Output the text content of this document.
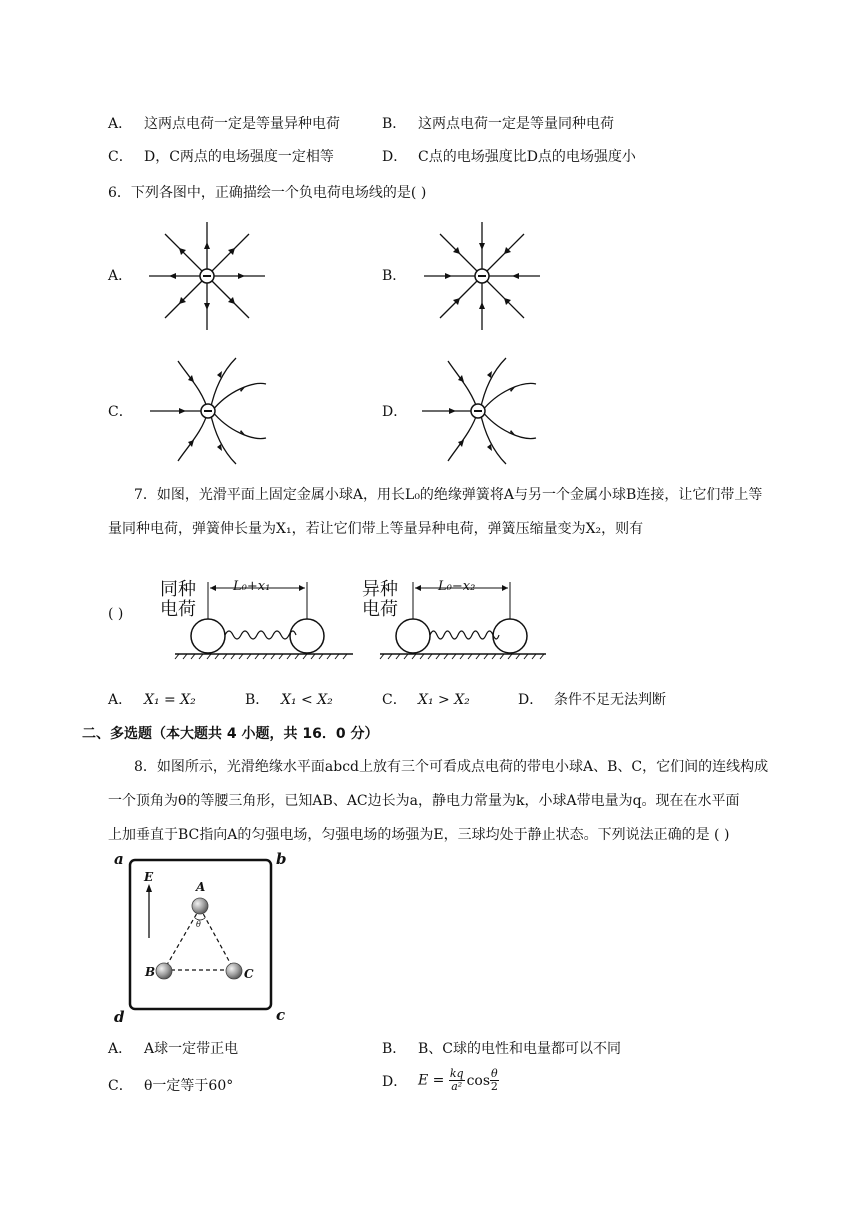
A． 这两点电荷一定是等量异种电荷	B． 这两点电荷一定是等量同种电荷
C． D，C两点的电场强度一定相等	D． C点的电场强度比D点的电场强度小
6．下列各图中，正确描绘一个负电荷电场线的是( )
A．	B．
C．	D．
7．如图，光滑平面上固定金属小球A，用长L₀的绝缘弹簧将A与另一个金属小球B连接，让它们带上等
量同种电荷，弹簧伸长量为X₁，若让它们带上等量异种电荷，弹簧压缩量变为X₂，则有
( )
同种
电荷
L₀+x₁	异种
电荷
L₀−x₂
A． X₁ = X₂	B． X₁ < X₂	C． X₁ > X₂	D． 条件不足无法判断
二、多选题（本大题共 4 小题，共 16．0 分）
8．如图所示，光滑绝缘水平面abcd上放有三个可看成点电荷的带电小球A、B、C，它们间的连线构成
一个顶角为θ的等腰三角形，已知AB、AC边长为a，静电力常量为k，小球A带电量为q。现在在水平面
上加垂直于BC指向A的匀强电场，匀强电场的场强为E，三球均处于静止状态。下列说法正确的是 ( )
a	b
c
d
E
A
B	C
θ
A． A球一定带正电	B． B、C球的电性和电量都可以不同
C． θ一定等于60°	D． $E = \frac{kq}{\text{a²}}$ $\cos \frac{\theta}{2}$
